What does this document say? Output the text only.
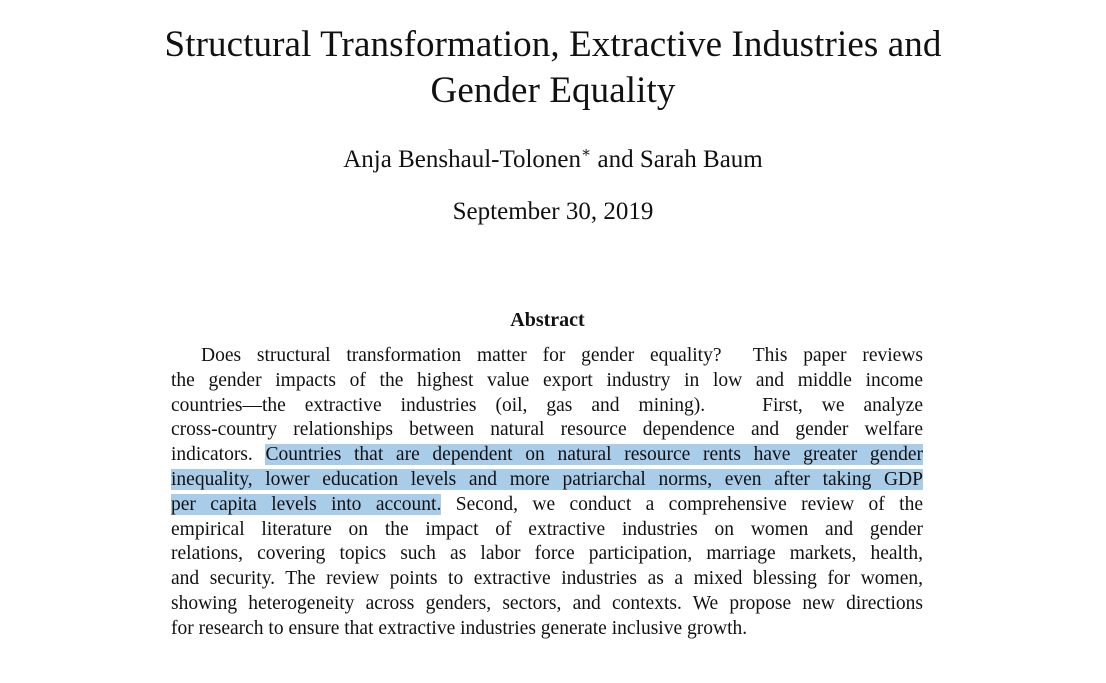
Structural Transformation, Extractive Industries and
Gender Equality
Anja Benshaul-Tolonen∗ and Sarah Baum
September 30, 2019
Abstract
Does structural transformation matter for gender equality?  This paper reviews
the gender impacts of the highest value export industry in low and middle income
countries—the extractive industries (oil, gas and mining).   First, we analyze
cross-country relationships between natural resource dependence and gender welfare
indicators. Countries that are dependent on natural resource rents have greater gender
inequality, lower education levels and more patriarchal norms, even after taking GDP
per capita levels into account. Second, we conduct a comprehensive review of the
empirical literature on the impact of extractive industries on women and gender
relations, covering topics such as labor force participation, marriage markets, health,
and security. The review points to extractive industries as a mixed blessing for women,
showing heterogeneity across genders, sectors, and contexts. We propose new directions
for research to ensure that extractive industries generate inclusive growth.
